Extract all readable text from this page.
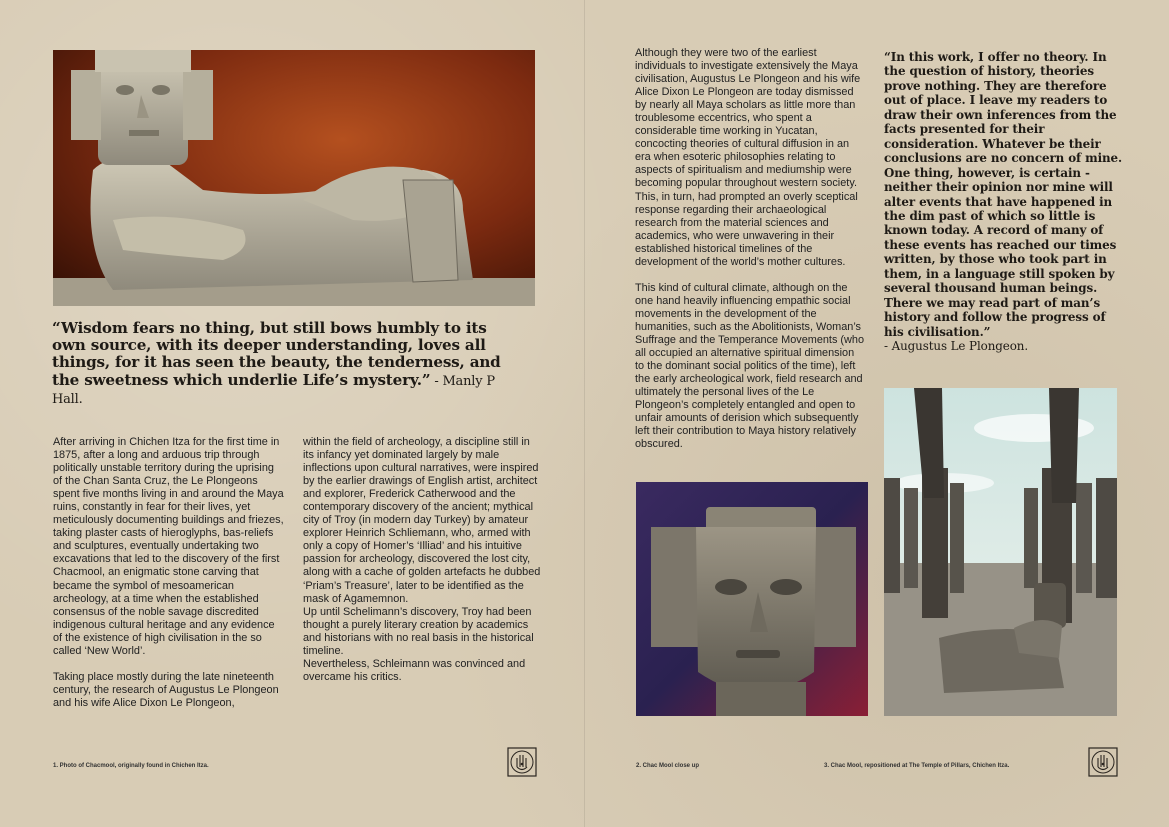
“Wisdom fears no thing, but still bows humbly to its own source, with its deeper understanding, loves all things, for it has seen the beauty, the tenderness, and the sweetness which underlie Life’s mystery.” - Manly P Hall.

After arriving in Chichen Itza for the first time in 1875, after a long and arduous trip through politically unstable territory during the uprising of the Chan Santa Cruz, the Le Plongeons spent five months living in and around the Maya ruins, constantly in fear for their lives, yet meticulously documenting buildings and friezes, taking plaster casts of hieroglyphs, bas-reliefs and sculptures, eventually undertaking two excavations that led to the discovery of the first Chacmool, an enigmatic stone carving that became the symbol of mesoamerican archeology, at a time when the established consensus of the noble savage discredited indigenous cultural heritage and any evidence of the existence of high civilisation in the so called ‘New World’.

Taking place mostly during the late nineteenth century, the research of Augustus Le Plongeon and his wife Alice Dixon Le Plongeon,

within the field of archeology, a discipline still in its infancy yet dominated largely by male inflections upon cultural narratives, were inspired by the earlier drawings of English artist, architect and explorer, Frederick Catherwood and the contemporary discovery of the ancient; mythical city of Troy (in modern day Turkey) by amateur explorer Heinrich Schliemann, who, armed with only a copy of Homer’s ‘Illiad’ and his intuitive passion for archeology, discovered the lost city, along with a cache of golden artefacts he dubbed ‘Priam’s Treasure’, later to be identified as the mask of Agamemnon.

Up until Schelimann’s discovery, Troy had been thought a purely literary creation by academics and historians with no real basis in the historical timeline.

Nevertheless, Schleimann was convinced and overcame his critics.

Although they were two of the earliest individuals to investigate extensively the Maya civilisation, Augustus Le Plongeon and his wife Alice Dixon Le Plongeon are today dismissed by nearly all Maya scholars as little more than troublesome eccentrics, who spent a considerable time working in Yucatan, concocting theories of cultural diffusion in an era when esoteric philosophies relating to aspects of spiritualism and mediumship were becoming popular throughout western society. This, in turn, had prompted an overly sceptical response regarding their archaeological research from the material sciences and academics, who were unwavering in their established historical timelines of the development of the world’s mother cultures.

This kind of cultural climate, although on the one hand heavily influencing empathic social movements in the development of the humanities, such as the Abolitionists, Woman’s Suffrage and the Temperance Movements (who all occupied an alternative spiritual dimension to the dominant social politics of the time), left the early archeological work, field research and ultimately the personal lives of the Le Plongeon’s completely entangled and open to unfair amounts of derision which subsequently left their contribution to Maya history relatively obscured.

“In this work, I offer no theory. In the question of history, theories prove nothing. They are therefore out of place. I leave my readers to draw their own inferences from the facts presented for their consideration. Whatever be their conclusions are no concern of mine. One thing, however, is certain - neither their opinion nor mine will alter events that have happened in the dim past of which so little is known today. A record of many of these events has reached our times written, by those who took part in them, in a language still spoken by several thousand human beings. There we may read part of man’s history and follow the progress of his civilisation.”
- Augustus Le Plongeon.
1. Photo of Chacmool, originally found in Chichen Itza.	2. Chac Mool close up	3. Chac Mool, repositioned at The Temple of Pillars, Chichen Itza.
